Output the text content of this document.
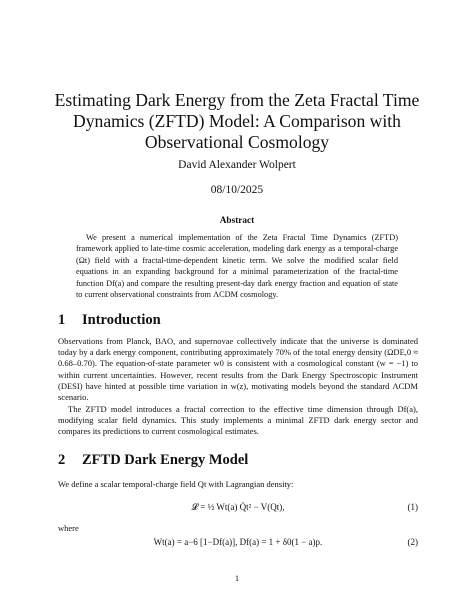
Estimating Dark Energy from the Zeta Fractal Time Dynamics (ZFTD) Model: A Comparison with Observational Cosmology
David Alexander Wolpert
08/10/2025
Abstract
We present a numerical implementation of the Zeta Fractal Time Dynamics (ZFTD) framework applied to late-time cosmic acceleration, modeling dark energy as a temporal-charge (Ωt) field with a fractal-time-dependent kinetic term. We solve the modified scalar field equations in an expanding background for a minimal parameterization of the fractal-time function Df(a) and compare the resulting present-day dark energy fraction and equation of state to current observational constraints from ΛCDM cosmology.
1 Introduction
Observations from Planck, BAO, and supernovae collectively indicate that the universe is dominated today by a dark energy component, contributing approximately 70% of the total energy density (ΩDE,0 ≈ 0.68–0.70). The equation-of-state parameter w0 is consistent with a cosmological constant (w = −1) to within current uncertainties. However, recent results from the Dark Energy Spectroscopic Instrument (DESI) have hinted at possible time variation in w(z), motivating models beyond the standard ΛCDM scenario.
The ZFTD model introduces a fractal correction to the effective time dimension through Df(a), modifying scalar field dynamics. This study implements a minimal ZFTD dark energy sector and compares its predictions to current cosmological estimates.
2 ZFTD Dark Energy Model
We define a scalar temporal-charge field Qt with Lagrangian density:
𝓛 = ½ Wt(a) Q̇t² − V(Qt),	(1)
where
Wt(a) = a−6 [1−Df(a)], Df(a) = 1 + δ0(1 − a)p.	(2)
1
